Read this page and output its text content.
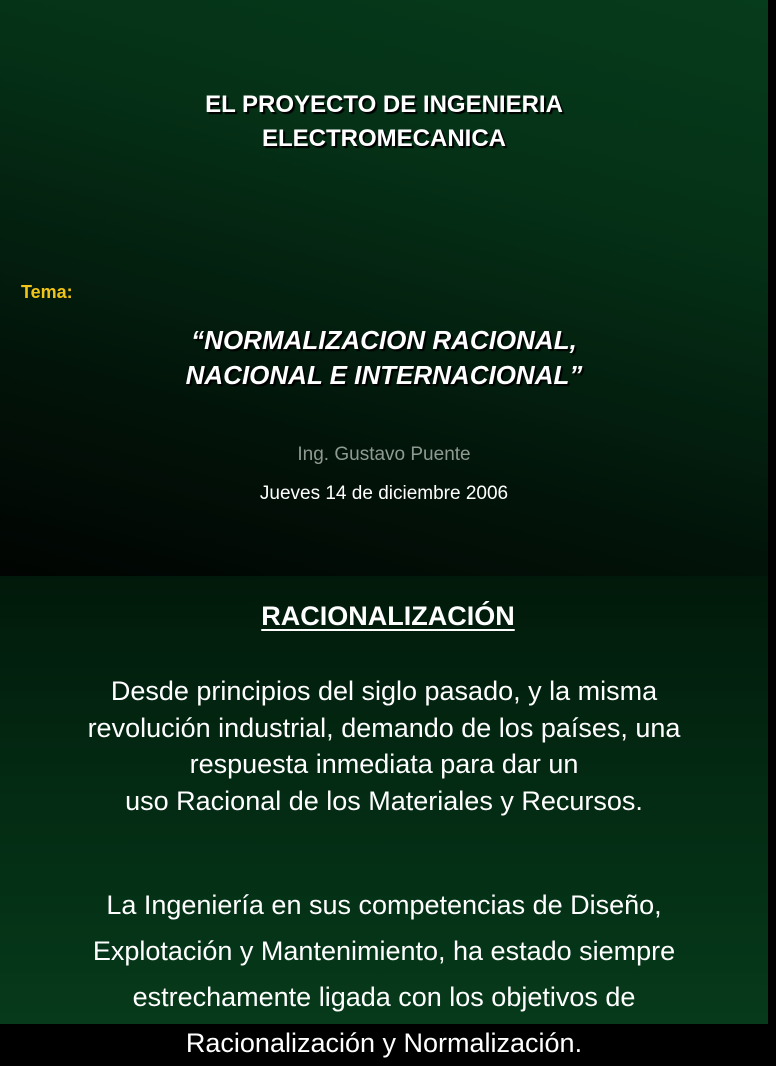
EL PROYECTO DE INGENIERIA
ELECTROMECANICA

Tema:

“NORMALIZACION RACIONAL,
NACIONAL E INTERNACIONAL”

Ing. Gustavo Puente

Jueves 14 de diciembre 2006

RACIONALIZACIÓN
Desde principios del siglo pasado, y la misma
revolución industrial, demando de los países, una
respuesta inmediata para dar un
uso Racional de los Materiales y Recursos.
La Ingeniería en sus competencias de Diseño,
Explotación y Mantenimiento, ha estado siempre
estrechamente ligada con los objetivos de
Racionalización y Normalización.
